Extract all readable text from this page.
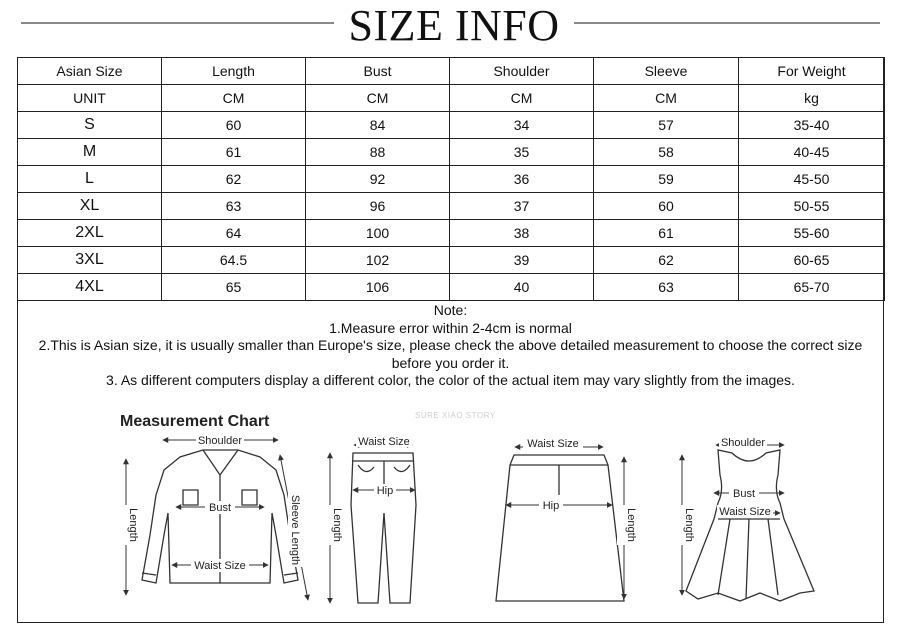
SIZE INFO
Asian Size	Length	Bust	Shoulder	Sleeve	For Weight
UNIT	CM	CM	CM	CM	kg
S	60	84	34	57	35-40
M	61	88	35	58	40-45
L	62	92	36	59	45-50
XL	63	96	37	60	50-55
2XL	64	100	38	61	55-60
3XL	64.5	102	39	62	60-65
4XL	65	106	40	63	65-70

Note:

1.Measure error within 2-4cm is normal

2.This is Asian size, it is usually smaller than Europe's size, please check the above detailed measurement to choose the correct size before you order it.

3. As different computers display a different color, the color of the actual item may vary slightly from the images.

Measurement Chart	SURE XIAO STORY
Shoulder
Bust
Waist Size
Length	Sleeve Length
Waist Size
Hip
Length
Waist Size
Hip
Length
Shoulder
Bust
Waist Size
Length
